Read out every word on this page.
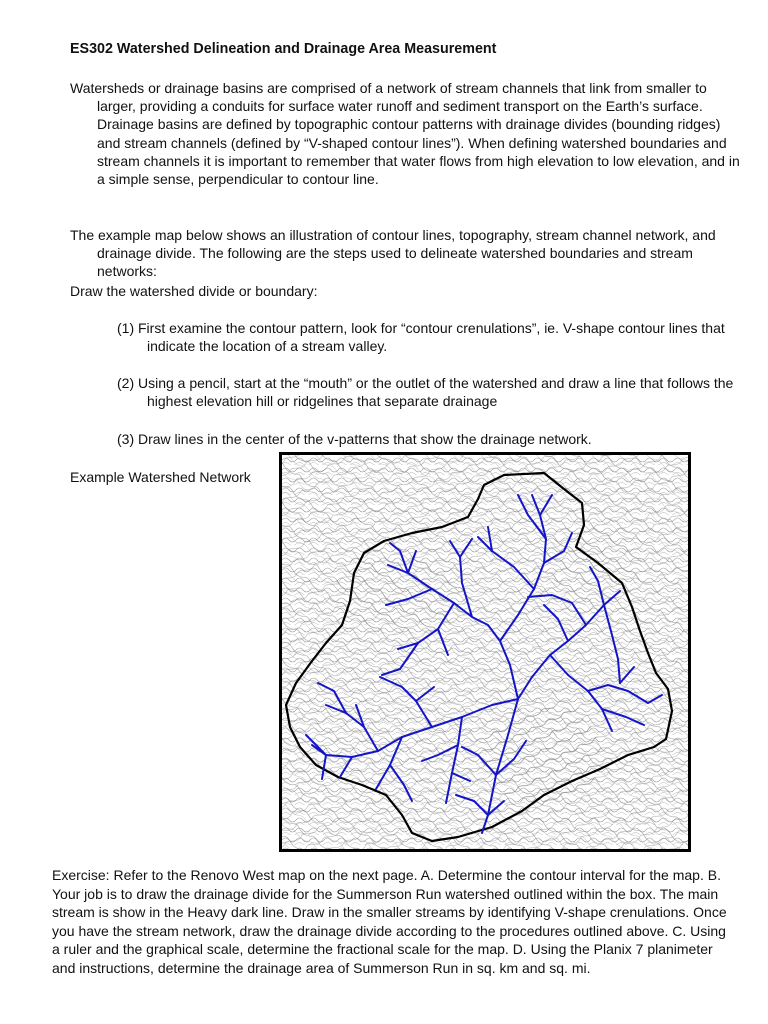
ES302 Watershed Delineation and Drainage Area Measurement
Watersheds or drainage basins are comprised of a network of stream channels that link from smaller to larger, providing a conduits for surface water runoff and sediment transport on the Earth’s surface. Drainage basins are defined by topographic contour patterns with drainage divides (bounding ridges) and stream channels (defined by “V-shaped contour lines”). When defining watershed boundaries and stream channels it is important to remember that water flows from high elevation to low elevation, and in a simple sense, perpendicular to contour line.
The example map below shows an illustration of contour lines, topography, stream channel network, and drainage divide. The following are the steps used to delineate watershed boundaries and stream networks:
Draw the watershed divide or boundary:
(1) First examine the contour pattern, look for “contour crenulations”, ie. V-shape contour lines that indicate the location of a stream valley.
(2) Using a pencil, start at the “mouth” or the outlet of the watershed and draw a line that follows the highest elevation hill or ridgelines that separate drainage
(3) Draw lines in the center of the v-patterns that show the drainage network.
Example Watershed Network
Exercise: Refer to the Renovo West map on the next page. A. Determine the contour interval for the map. B. Your job is to draw the drainage divide for the Summerson Run watershed outlined within the box. The main stream is show in the Heavy dark line. Draw in the smaller streams by identifying V-shape crenulations. Once you have the stream network, draw the drainage divide according to the procedures outlined above. C. Using a ruler and the graphical scale, determine the fractional scale for the map. D. Using the Planix 7 planimeter and instructions, determine the drainage area of Summerson Run in sq. km and sq. mi.
